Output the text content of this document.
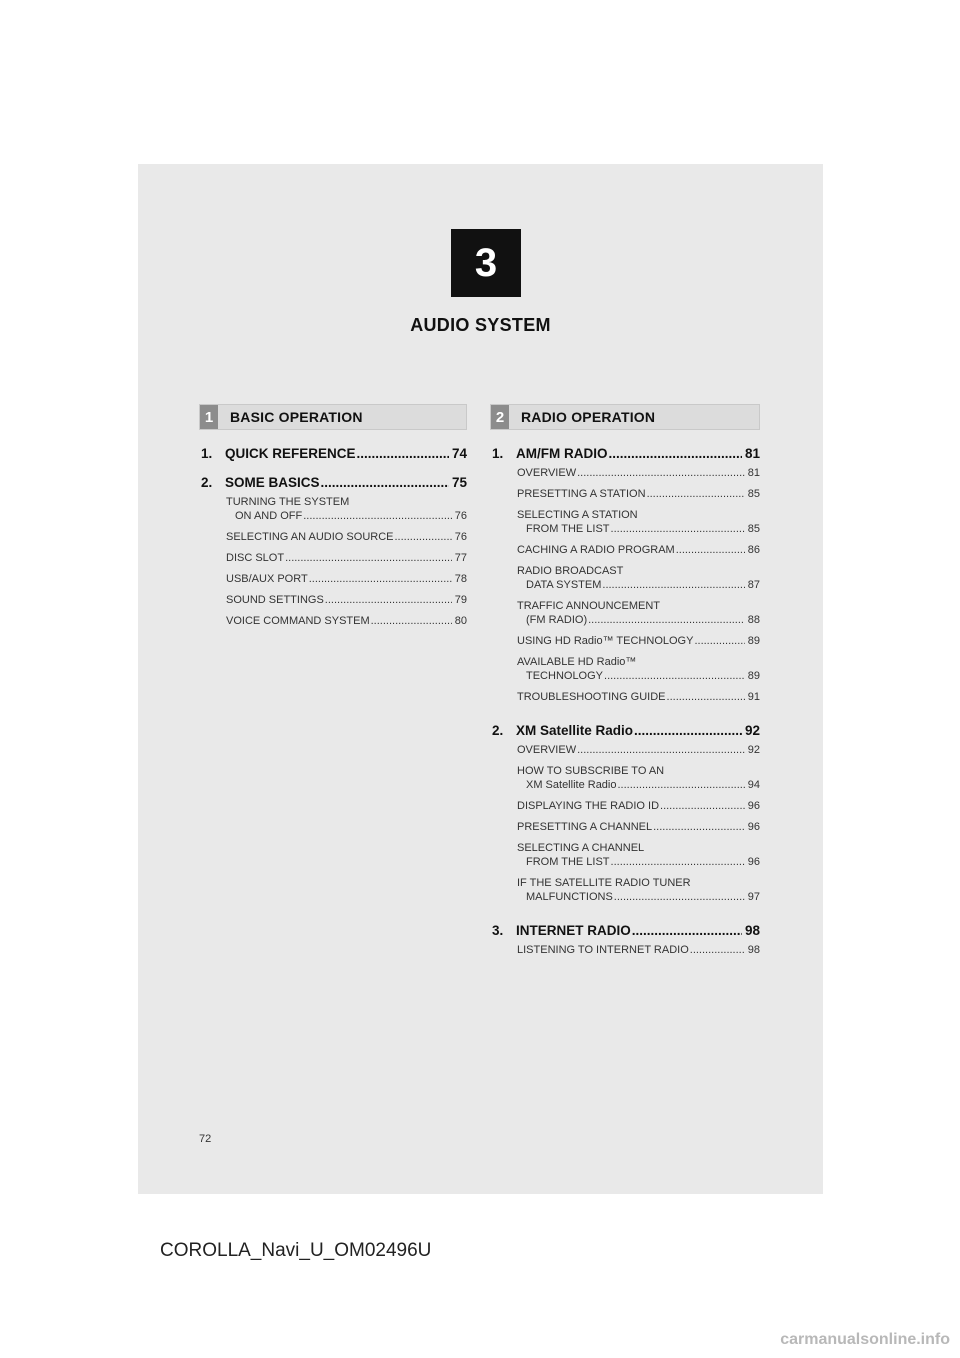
3
AUDIO SYSTEM
1	BASIC OPERATION	2	RADIO OPERATION
1. QUICK REFERENCE .....	74
2. SOME BASICS .....	75
TURNING THE SYSTEM
ON AND OFF .....	76
SELECTING AN AUDIO SOURCE .....	76
DISC SLOT .....	77
USB/AUX PORT .....	78
SOUND SETTINGS .....	79
VOICE COMMAND SYSTEM .....	80
1. AM/FM RADIO .....	81
OVERVIEW .....	81
PRESETTING A STATION .....	85
SELECTING A STATION
FROM THE LIST .....	85
CACHING A RADIO PROGRAM .....	86
RADIO BROADCAST
DATA SYSTEM .....	87
TRAFFIC ANNOUNCEMENT
(FM RADIO) .....	88
USING HD Radio™ TECHNOLOGY .....	89
AVAILABLE HD Radio™
TECHNOLOGY .....	89
TROUBLESHOOTING GUIDE .....	91
2. XM Satellite Radio .....	92
OVERVIEW .....	92
HOW TO SUBSCRIBE TO AN
XM Satellite Radio .....	94
DISPLAYING THE RADIO ID .....	96
PRESETTING A CHANNEL .....	96
SELECTING A CHANNEL
FROM THE LIST .....	96
IF THE SATELLITE RADIO TUNER
MALFUNCTIONS .....	97
3. INTERNET RADIO .....	98
LISTENING TO INTERNET RADIO .....	98
72
COROLLA_Navi_U_OM02496U
carmanualsonline.info
